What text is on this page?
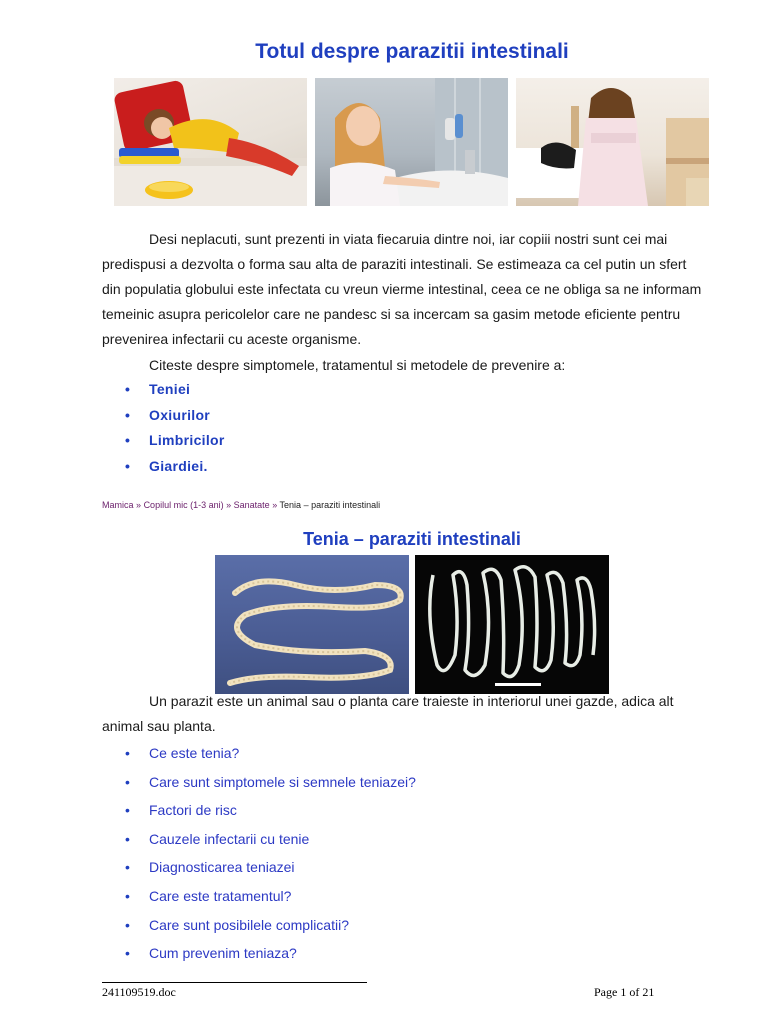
Totul despre parazitii intestinali

Desi neplacuti, sunt prezenti in viata fiecaruia dintre noi, iar copiii nostri sunt cei mai predispusi a dezvolta o forma sau alta de paraziti intestinali. Se estimeaza ca cel putin un sfert din populatia globului este infectata cu vreun vierme intestinal, ceea ce ne obliga sa ne informam temeinic asupra pericolelor care ne pandesc si sa incercam sa gasim metode eficiente pentru prevenirea infectarii cu aceste organisme.

Citeste despre simptomele, tratamentul si metodele de prevenire a:

• Teniei
• Oxiurilor
• Limbricilor
• Giardiei.
Mamica » Copilul mic (1-3 ani) » Sanatate » Tenia – paraziti intestinali
Tenia – paraziti intestinali

Un parazit este un animal sau o planta care traieste in interiorul unei gazde, adica alt animal sau planta.

• Ce este tenia?
• Care sunt simptomele si semnele teniazei?
• Factori de risc
• Cauzele infectarii cu tenie
• Diagnosticarea teniazei
• Care este tratamentul?
• Care sunt posibilele complicatii?
• Cum prevenim teniaza?
241109519.doc	Page 1 of 21
